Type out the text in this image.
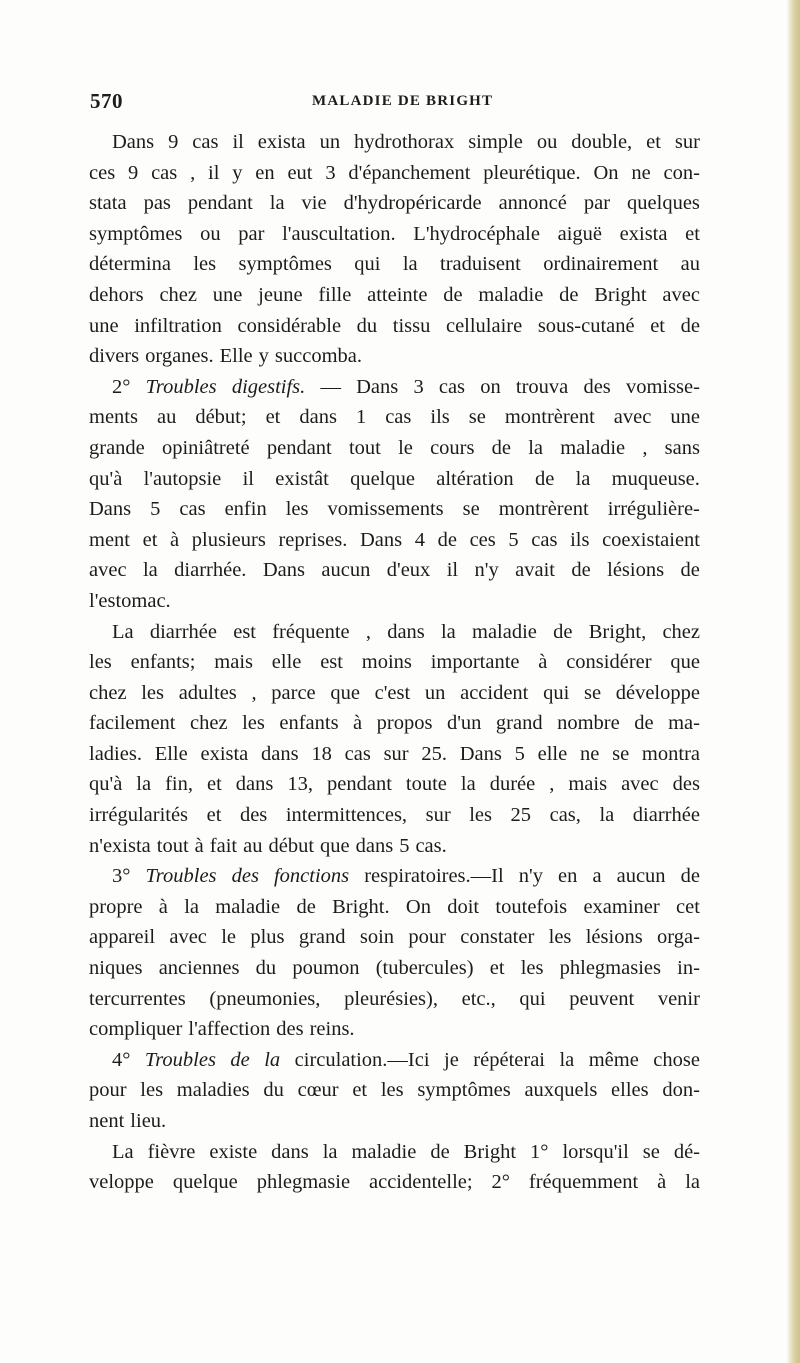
570	MALADIE DE BRIGHT
Dans 9 cas il exista un hydrothorax simple ou double, et sur
ces 9 cas , il y en eut 3 d'épanchement pleurétique. On ne con-
stata pas pendant la vie d'hydropéricarde annoncé par quelques
symptômes ou par l'auscultation. L'hydrocéphale aiguë exista et
détermina les symptômes qui la traduisent ordinairement au
dehors chez une jeune fille atteinte de maladie de Bright avec
une infiltration considérable du tissu cellulaire sous-cutané et de
divers organes. Elle y succomba.
2° Troubles digestifs. — Dans 3 cas on trouva des vomisse-
ments au début; et dans 1 cas ils se montrèrent avec une
grande opiniâtreté pendant tout le cours de la maladie , sans
qu'à l'autopsie il existât quelque altération de la muqueuse.
Dans 5 cas enfin les vomissements se montrèrent irrégulière-
ment et à plusieurs reprises. Dans 4 de ces 5 cas ils coexistaient
avec la diarrhée. Dans aucun d'eux il n'y avait de lésions de
l'estomac.
La diarrhée est fréquente , dans la maladie de Bright, chez
les enfants; mais elle est moins importante à considérer que
chez les adultes , parce que c'est un accident qui se développe
facilement chez les enfants à propos d'un grand nombre de ma-
ladies. Elle exista dans 18 cas sur 25. Dans 5 elle ne se montra
qu'à la fin, et dans 13, pendant toute la durée , mais avec des
irrégularités et des intermittences, sur les 25 cas, la diarrhée
n'exista tout à fait au début que dans 5 cas.
3° Troubles des fonctions respiratoires.—Il n'y en a aucun de
propre à la maladie de Bright. On doit toutefois examiner cet
appareil avec le plus grand soin pour constater les lésions orga-
niques anciennes du poumon (tubercules) et les phlegmasies in-
tercurrentes (pneumonies, pleurésies), etc., qui peuvent venir
compliquer l'affection des reins.
4° Troubles de la circulation.—Ici je répéterai la même chose
pour les maladies du cœur et les symptômes auxquels elles don-
nent lieu.
La fièvre existe dans la maladie de Bright 1° lorsqu'il se dé-
veloppe quelque phlegmasie accidentelle; 2° fréquemment à la
